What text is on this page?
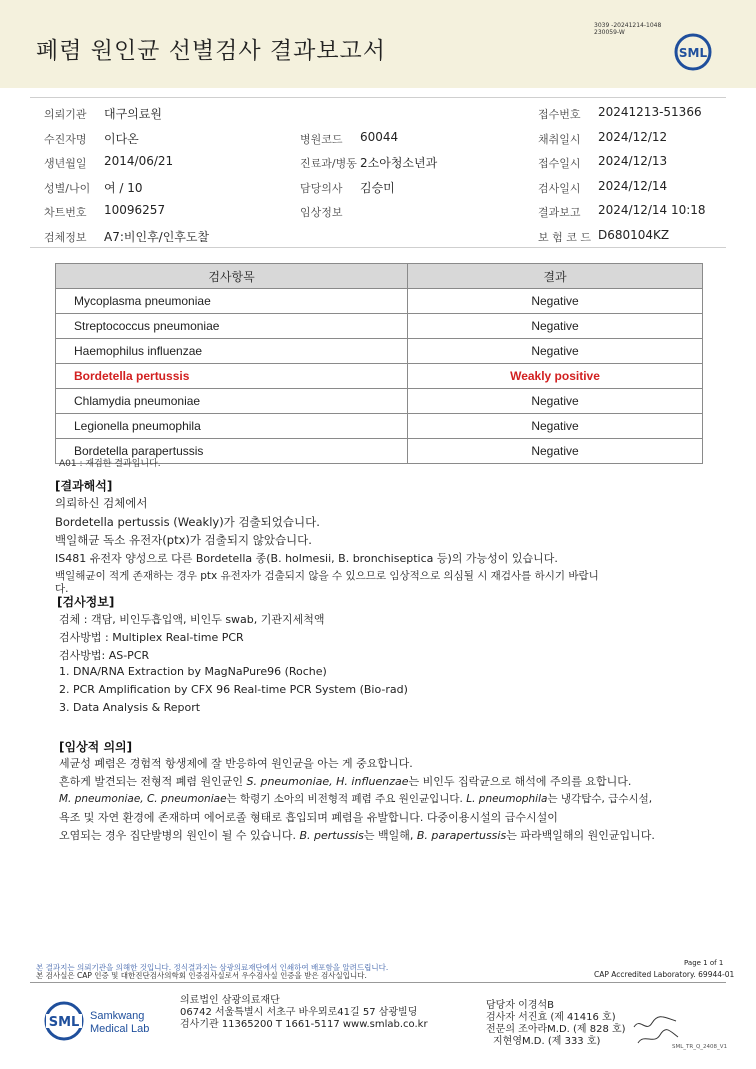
폐렴 원인균 선별검사 결과보고서
3039 -20241214-1048
230059-W
SML
의뢰기관 대구의료원	접수번호 20241213-51366
수진자명 이다온	병원코드 60044	채취일시 2024/12/12
생년월일 2014/06/21	진료과/병동 2소아청소년과	접수일시 2024/12/13
성별/나이 여 / 10	담당의사 김승미	검사일시 2024/12/14
차트번호 10096257	임상정보	결과보고 2024/12/14 10:18
검체정보 A7:비인후/인후도찰	보 험 코 드 D680104KZ
검사항목	결과
Mycoplasma pneumoniae	Negative
Streptococcus pneumoniae	Negative
Haemophilus influenzae	Negative
Bordetella pertussis	Weakly positive
Chlamydia pneumoniae	Negative
Legionella pneumophila	Negative
Bordetella parapertussis	Negative
A01 : 재검한 결과입니다.
[결과해석]
의뢰하신 검체에서
Bordetella pertussis (Weakly)가 검출되었습니다.
백일해균 독소 유전자(ptx)가 검출되지 않았습니다.
IS481 유전자 양성으로 다른 Bordetella 종(B. holmesii, B. bronchiseptica 등)의 가능성이 있습니다.
백일해균이 적게 존재하는 경우 ptx 유전자가 검출되지 않을 수 있으므로 임상적으로 의심될 시 재검사를 하시기 바랍니
다.
[검사정보]
검체 : 객담, 비인두흡입액, 비인두 swab, 기관지세척액
검사방법 : Multiplex Real-time PCR
검사방법: AS-PCR
1. DNA/RNA Extraction by MagNaPure96 (Roche)
2. PCR Amplification by CFX 96 Real-time PCR System (Bio-rad)
3. Data Analysis & Report
[임상적 의의]
세균성 폐렴은 경험적 항생제에 잘 반응하여 원인균을 아는 게 중요합니다.
흔하게 발견되는 전형적 폐렴 원인균인 S. pneumoniae, H. influenzae는 비인두 집락균으로 해석에 주의를 요합니다.
M. pneumoniae, C. pneumoniae는 학령기 소아의 비전형적 폐렴 주요 원인균입니다. L. pneumophila는 냉각탑수, 급수시설,
욕조 및 자연 환경에 존재하며 에어로졸 형태로 흡입되며 폐렴을 유발합니다. 다중이용시설의 급수시설이
오염되는 경우 집단발병의 원인이 될 수 있습니다. B. pertussis는 백일해, B. parapertussis는 파라백일해의 원인균입니다.
본 결과지는 의뢰기관을 의해한 것입니다. 정식결과지는 삼광의료재단에서 인쇄하여 배포함을 알려드립니다.
본 검사실은 CAP 인증 및 대한진단검사의학회 인증검사실로서 우수검사실 인증을 받은 검사실입니다.
Page 1 of 1
CAP Accredited Laboratory. 69944-01
SML Samkwang
Medical Lab
의료법인 삼광의료재단
06742 서울특별시 서초구 바우뫼로41길 57 삼광빌딩
검사기관 11365200 T 1661-5117 www.smlab.co.kr
담당자 이경석B
검사자 서진효 (제 41416 호)
전문의 조아라M.D. (제 828 호)
지현영M.D. (제 333 호)	SML_TR_Q_2408_V1
